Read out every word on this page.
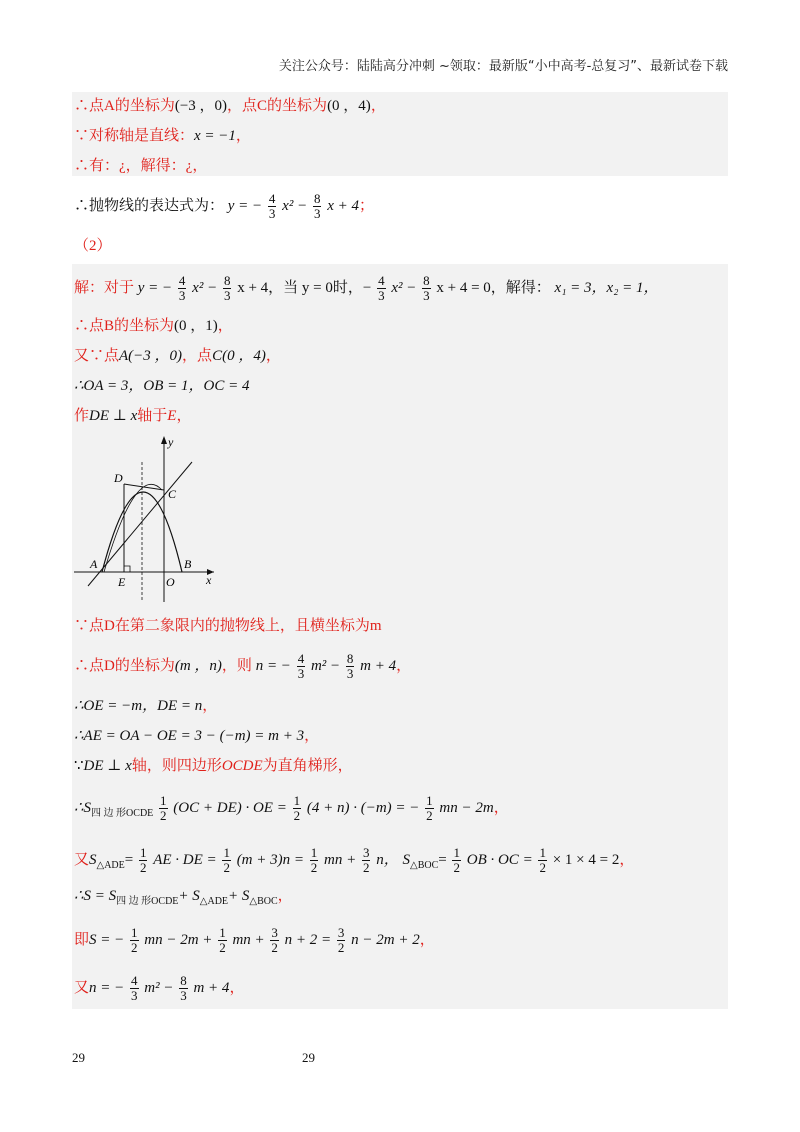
关注公众号：陆陆高分冲刺 ~领取：最新版“小中高考-总复习”、最新试卷下载
∴点A的坐标为(−3 ，0)，点C的坐标为(0 ，4)，
∵对称轴是直线：x = −1，
∴有：¿，解得：¿，
∴抛物线的表达式为： y = − $\frac{4}{3} x^2 - \frac{8}{3}$ x + 4；
（2）
解：对于 y = − $\frac{4}{3} x^2 - \frac{8}{3}$ x + 4，当 y = 0时，− $\frac{4}{3} x^2 - \frac{8}{3}$ x + 4 = 0，解得： x₁ = 3，x₂ = 1，
∴点B的坐标为(0 ，1)，
又∵点A(−3 ，0)，点C(0 ，4)，
∴OA = 3，OB = 1，OC = 4
作DE ⊥ x轴于E，
y
x
D
C
A
E	O
B
∵点D在第二象限内的抛物线上，且横坐标为m
∴点D的坐标为(m ，n)，则 n = − $\frac{4}{3} m^2 - \frac{8}{3}$ m + 4，
∴OE = −m，DE = n，
∴AE = OA − OE = 3 − (−m) = m + 3，
∵DE ⊥ x轴，则四边形OCDE为直角梯形，
$\therefore S_{四 边 形OCDE} \frac{1}{2} (OC + DE)$ · OE = $\frac{1}{2} (4 + n) \cdot (-m)$ = − $\frac{1}{2}$ mn − 2m，
又$S_{\triangle ADE}= \frac{1}{2}$ AE · DE = $\frac{1}{2} (m + 3)n = \frac{1}{2}$ mn + $\frac{3}{2}$ n， $S_{\triangle BOC}= \frac{1}{2}$ OB · OC = $\frac{1}{2} \times 1 \times 4 = 2$，
∴S = $S_{四 边 形OCDE}+ S_{\triangle ADE}+ S_{\triangle BOC}$，
即S = − $\frac{1}{2}$ mn − $2m + \frac{1}{2}$ mn + $\frac{3}{2}$ $n + 2 = \frac{3}{2}$ n − 2m + 2，
又n = − $\frac{4}{3} m^2 - \frac{8}{3}$ m + 4，
29	29
